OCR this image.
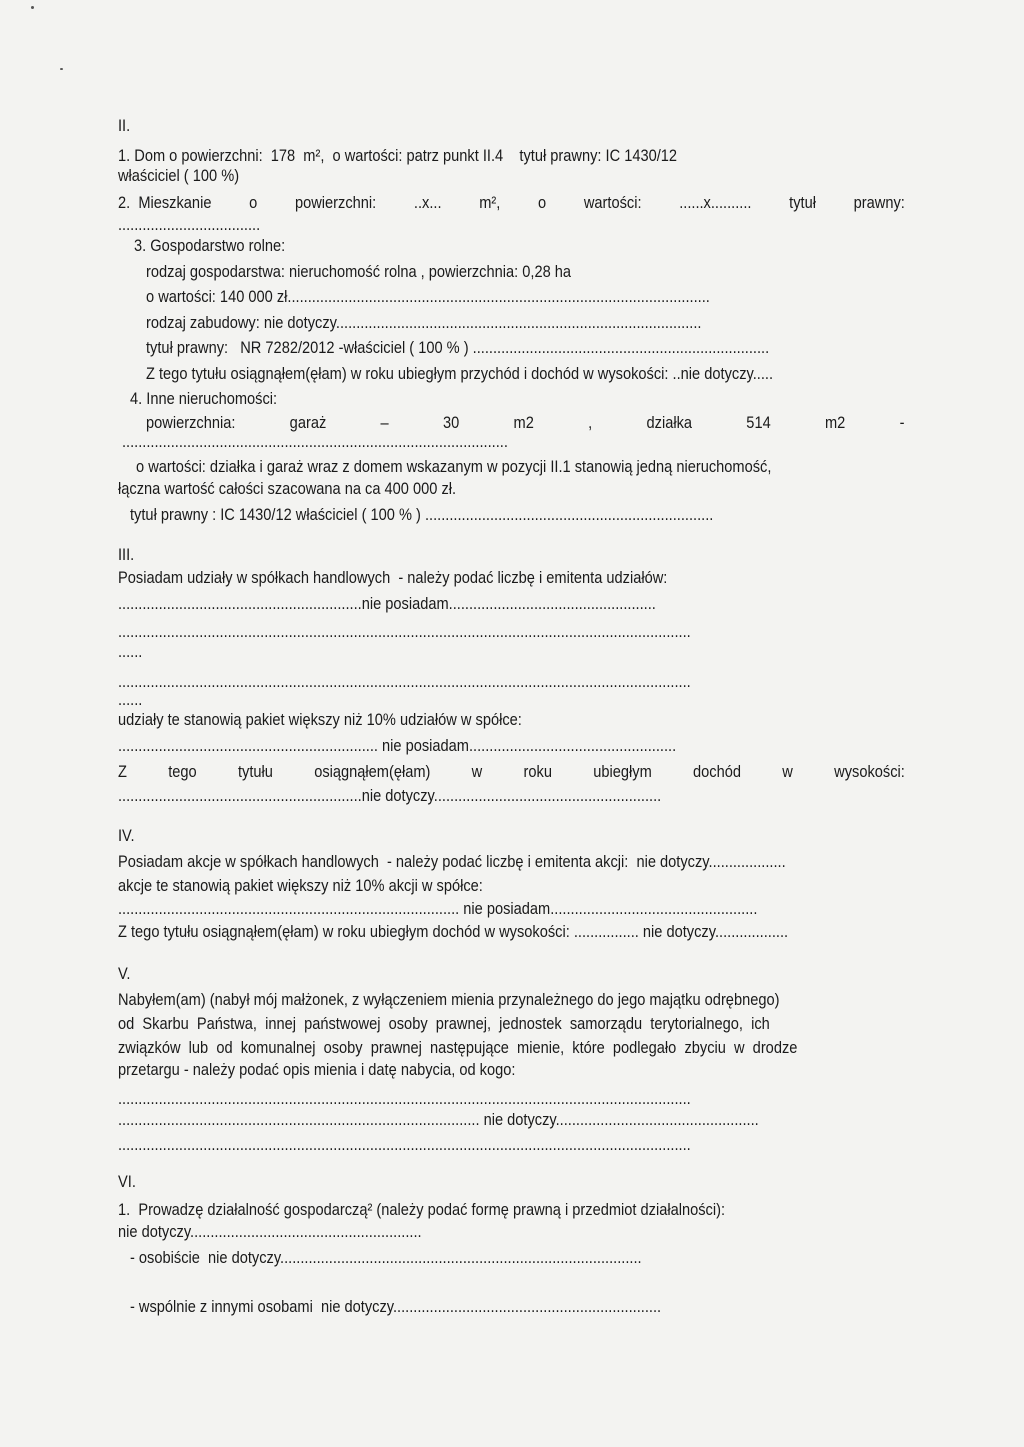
II.
1. Dom o powierzchni:  178  m²,  o wartości: patrz punkt II.4    tytuł prawny: IC 1430/12
właściciel ( 100 %)
2.  Mieszkanie o powierzchni: ..x... m², o wartości: ......x.......... tytuł prawny:
...................................
3. Gospodarstwo rolne:
rodzaj gospodarstwa: nieruchomość rolna , powierzchnia: 0,28 ha
o wartości: 140 000 zł........................................................................................................
rodzaj zabudowy: nie dotyczy..........................................................................................
tytuł prawny:   NR 7282/2012 -właściciel ( 100 % ) .........................................................................
Z tego tytułu osiągnąłem(ęłam) w roku ubiegłym przychód i dochód w wysokości: ..nie dotyczy.....
4. Inne nieruchomości:
powierzchnia:	garaż	–	30	m2	,	działka	514	m2	-
...............................................................................................
o wartości: działka i garaż wraz z domem wskazanym w pozycji II.1 stanowią jedną nieruchomość,
łączna wartość całości szacowana na ca 400 000 zł.
tytuł prawny : IC 1430/12 właściciel ( 100 % ) .......................................................................
III.
Posiadam udziały w spółkach handlowych  - należy podać liczbę i emitenta udziałów:
............................................................nie posiadam...................................................
.............................................................................................................................................
......
.............................................................................................................................................
......
udziały te stanowią pakiet większy niż 10% udziałów w spółce:
................................................................ nie posiadam...................................................
Z tego tytułu osiągnąłem(ęłam) w roku ubiegłym dochód w wysokości:
............................................................nie dotyczy........................................................
IV.
Posiadam akcje w spółkach handlowych  - należy podać liczbę i emitenta akcji:  nie dotyczy...................
akcje te stanowią pakiet większy niż 10% akcji w spółce:
.................................................................................... nie posiadam...................................................
Z tego tytułu osiągnąłem(ęłam) w roku ubiegłym dochód w wysokości: ................ nie dotyczy..................
V.
Nabyłem(am) (nabył mój małżonek, z wyłączeniem mienia przynależnego do jego majątku odrębnego)
od  Skarbu  Państwa,  innej  państwowej  osoby  prawnej,  jednostek  samorządu  terytorialnego,  ich
związków  lub  od  komunalnej  osoby  prawnej  następujące  mienie,  które  podlegało  zbyciu  w  drodze
przetargu - należy podać opis mienia i datę nabycia, od kogo:
.............................................................................................................................................
......................................................................................... nie dotyczy..................................................
.............................................................................................................................................
VI.
1.  Prowadzę działalność gospodarczą² (należy podać formę prawną i przedmiot działalności):
nie dotyczy.........................................................
- osobiście  nie dotyczy.........................................................................................
- wspólnie z innymi osobami  nie dotyczy..................................................................
